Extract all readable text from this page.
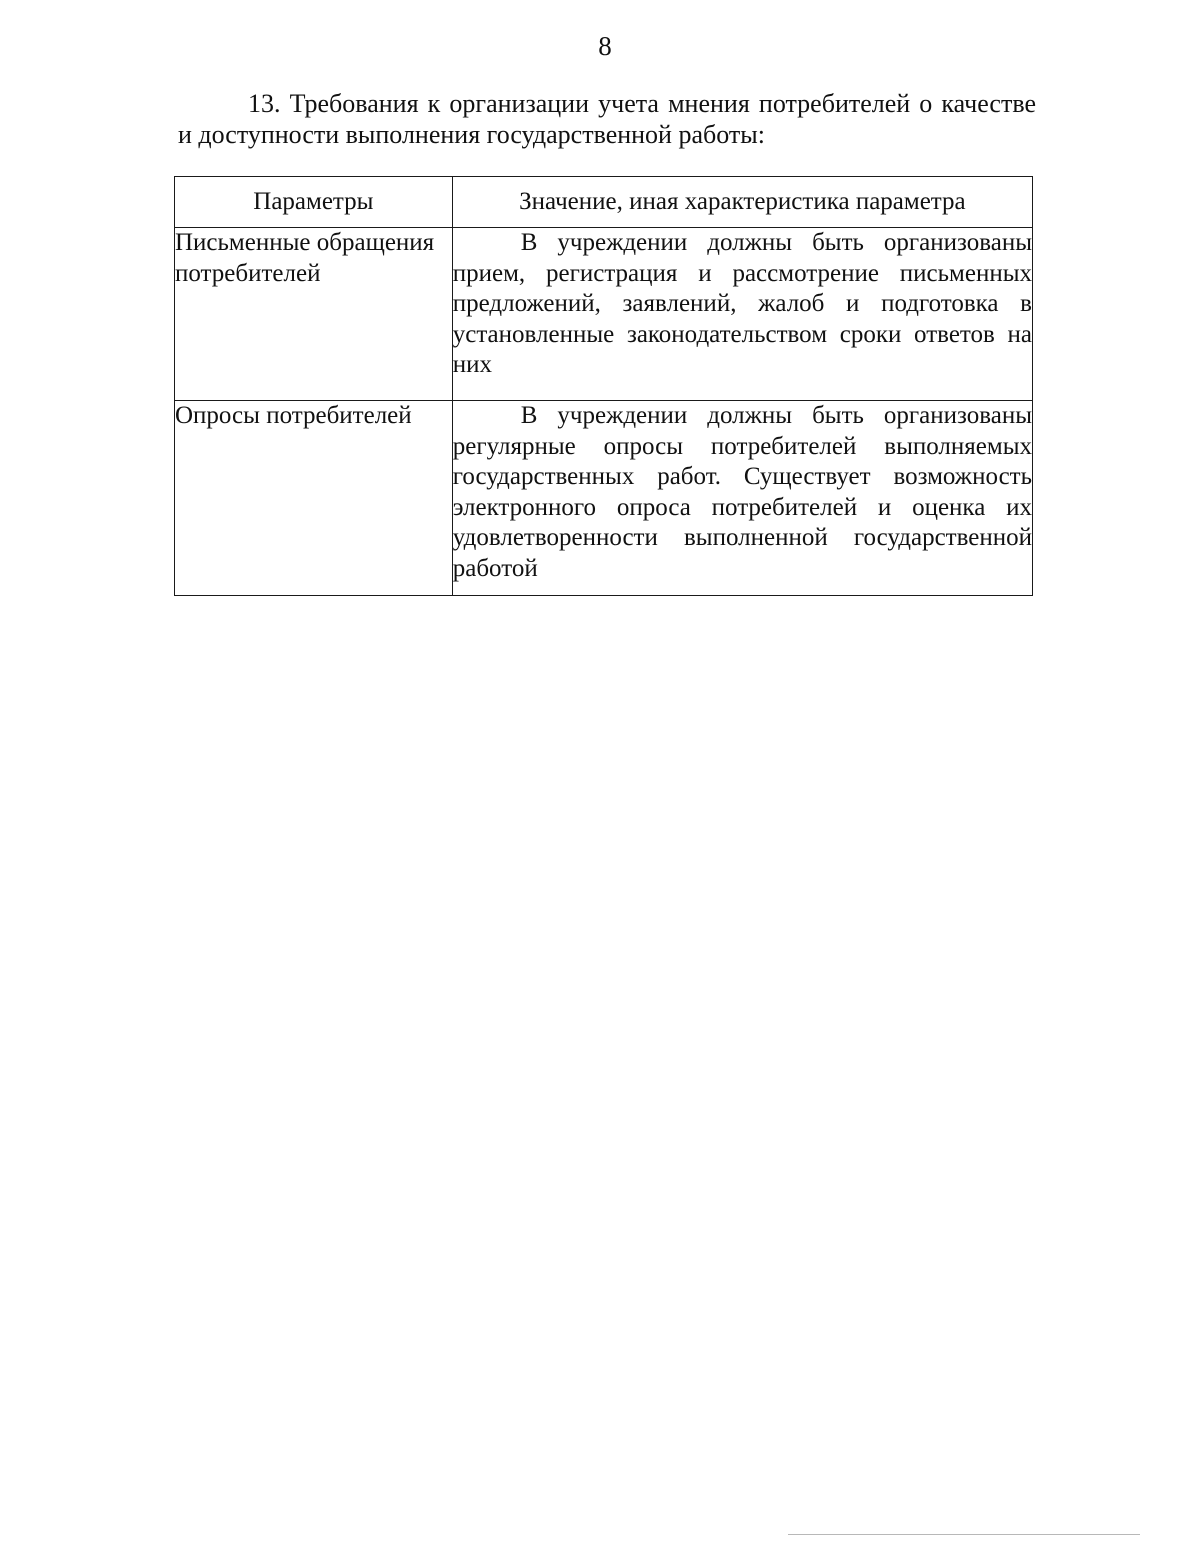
8
13. Требования к организации учета мнения потребителей о качестве
и доступности выполнения государственной работы:
Параметры	Значение, иная характеристика параметра
Письменные обращения потребителей	В учреждении должны быть организованы прием, регистрация и рассмотрение письменных предложений, заявлений, жалоб и подготовка в установленные законодательством сроки ответов на них
Опросы потребителей	В учреждении должны быть организованы регулярные опросы потребителей выполняемых государственных работ. Существует возможность электронного опроса потребителей и оценка их удовлетворенности выполненной государственной работой
